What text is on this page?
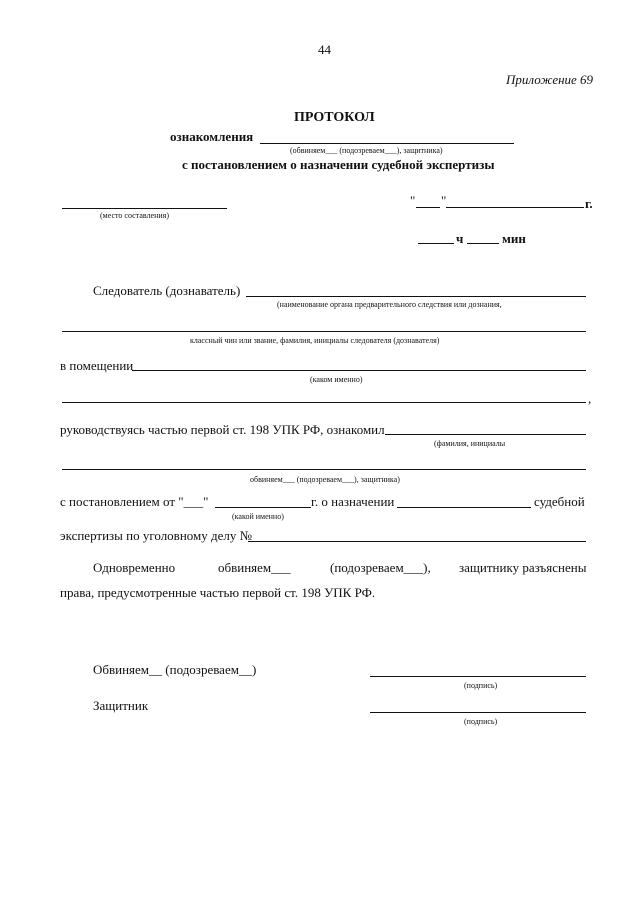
44
Приложение 69
ПРОТОКОЛ
ознакомления
(обвиняем___ (подозреваем___), защитника)
с постановлением о назначении судебной экспертизы
(место составления)
" "	г.
ч	мин
Следователь (дознаватель)
(наименование органа предварительного следствия или дознания,
классный чин или звание, фамилия, инициалы следователя (дознавателя)
в помещении
(каком именно)
,
руководствуясь частью первой ст. 198 УПК РФ, ознакомил
(фамилия, инициалы
обвиняем___ (подозреваем___), защитника)
с постановлением от "___"	г. о назначении	судебной
(какой именно)
экспертизы по уголовному делу №
Одновременно	обвиняем___	(подозреваем___), защитнику разъяснены
права, предусмотренные частью первой ст. 198 УПК РФ.
Обвиняем__ (подозреваем__)
(подпись)
Защитник
(подпись)
